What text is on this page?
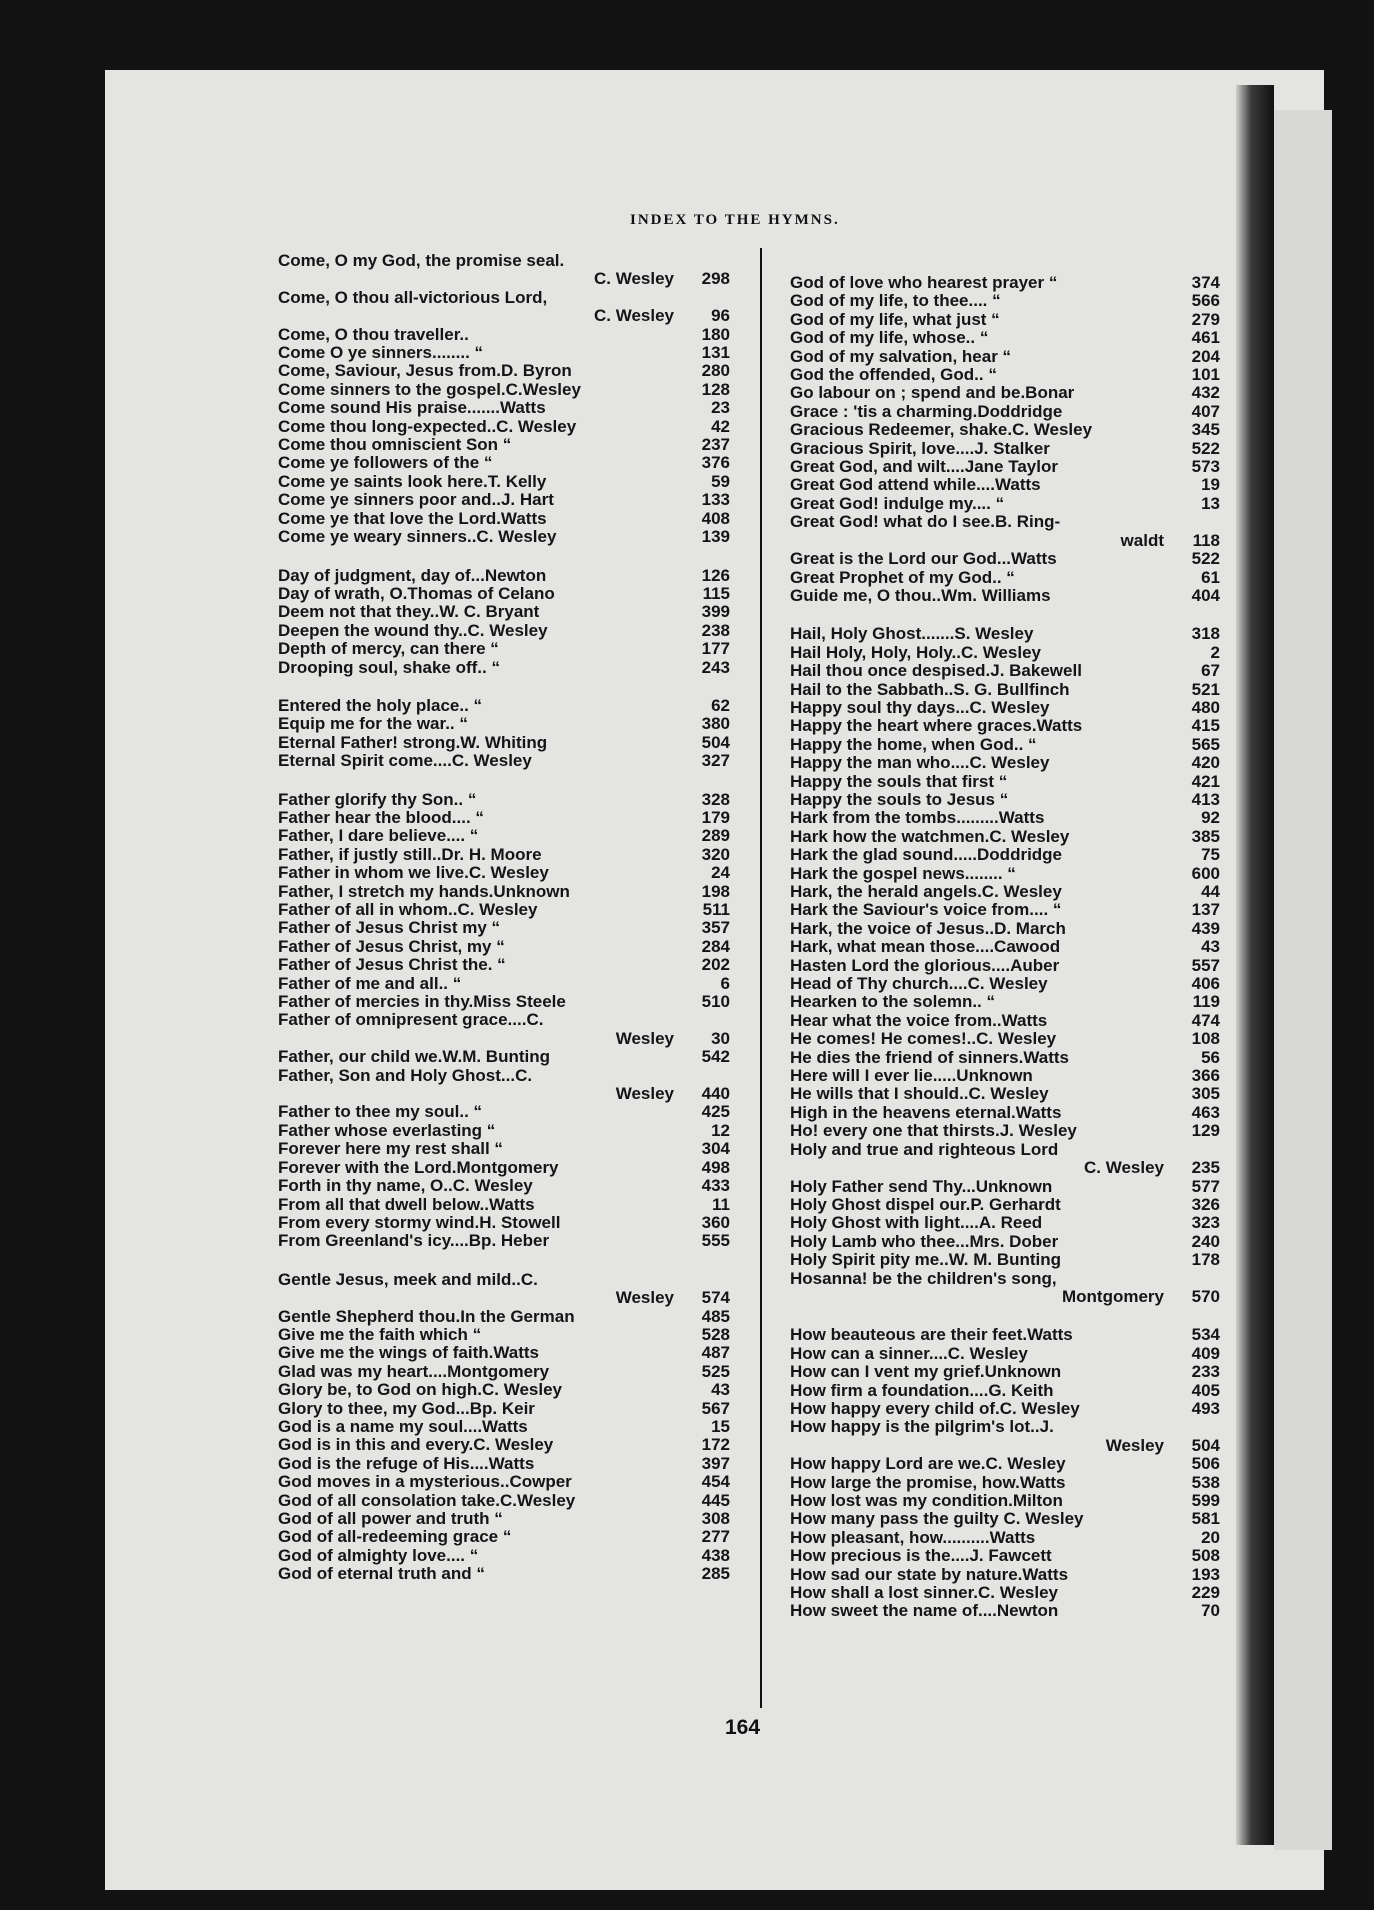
INDEX TO THE HYMNS.
Come, O my God, the promise seal.
C. Wesley	298
Come, O thou all-victorious Lord,
C. Wesley	96
Come, O thou traveller..	180
Come O ye sinners........ “	131
Come, Saviour, Jesus from.D. Byron	280
Come sinners to the gospel.C.Wesley	128
Come sound His praise.......Watts	23
Come thou long-expected..C. Wesley	42
Come thou omniscient Son “	237
Come ye followers of the “	376
Come ye saints look here.T. Kelly	59
Come ye sinners poor and..J. Hart	133
Come ye that love the Lord.Watts	408
Come ye weary sinners..C. Wesley	139
Day of judgment, day of...Newton	126
Day of wrath, O.Thomas of Celano	115
Deem not that they..W. C. Bryant	399
Deepen the wound thy..C. Wesley	238
Depth of mercy, can there “	177
Drooping soul, shake off.. “	243
Entered the holy place.. “	62
Equip me for the war.. “	380
Eternal Father! strong.W. Whiting	504
Eternal Spirit come....C. Wesley	327
Father glorify thy Son.. “	328
Father hear the blood.... “	179
Father, I dare believe.... “	289
Father, if justly still..Dr. H. Moore	320
Father in whom we live.C. Wesley	24
Father, I stretch my hands.Unknown	198
Father of all in whom..C. Wesley	511
Father of Jesus Christ my “	357
Father of Jesus Christ, my “	284
Father of Jesus Christ the. “	202
Father of me and all.. “	6
Father of mercies in thy.Miss Steele	510
Father of omnipresent grace....C.
Wesley	30
Father, our child we.W.M. Bunting	542
Father, Son and Holy Ghost...C.
Wesley	440
Father to thee my soul.. “	425
Father whose everlasting “	12
Forever here my rest shall “	304
Forever with the Lord.Montgomery	498
Forth in thy name, O..C. Wesley	433
From all that dwell below..Watts	11
From every stormy wind.H. Stowell	360
From Greenland's icy....Bp. Heber	555
Gentle Jesus, meek and mild..C.
Wesley	574
Gentle Shepherd thou.In the German	485
Give me the faith which “	528
Give me the wings of faith.Watts	487
Glad was my heart....Montgomery	525
Glory be, to God on high.C. Wesley	43
Glory to thee, my God...Bp. Keir	567
God is a name my soul....Watts	15
God is in this and every.C. Wesley	172
God is the refuge of His....Watts	397
God moves in a mysterious..Cowper	454
God of all consolation take.C.Wesley	445
God of all power and truth “	308
God of all-redeeming grace “	277
God of almighty love.... “	438
God of eternal truth and “	285
God of love who hearest prayer “	374
God of my life, to thee.... “	566
God of my life, what just “	279
God of my life, whose.. “	461
God of my salvation, hear “	204
God the offended, God.. “	101
Go labour on ; spend and be.Bonar	432
Grace : 'tis a charming.Doddridge	407
Gracious Redeemer, shake.C. Wesley	345
Gracious Spirit, love....J. Stalker	522
Great God, and wilt....Jane Taylor	573
Great God attend while....Watts	19
Great God! indulge my.... “	13
Great God! what do I see.B. Ring-
waldt	118
Great is the Lord our God...Watts	522
Great Prophet of my God.. “	61
Guide me, O thou..Wm. Williams	404
Hail, Holy Ghost.......S. Wesley	318
Hail Holy, Holy, Holy..C. Wesley	2
Hail thou once despised.J. Bakewell	67
Hail to the Sabbath..S. G. Bullfinch	521
Happy soul thy days...C. Wesley	480
Happy the heart where graces.Watts	415
Happy the home, when God.. “	565
Happy the man who....C. Wesley	420
Happy the souls that first “	421
Happy the souls to Jesus “	413
Hark from the tombs.........Watts	92
Hark how the watchmen.C. Wesley	385
Hark the glad sound.....Doddridge	75
Hark the gospel news........ “	600
Hark, the herald angels.C. Wesley	44
Hark the Saviour's voice from.... “	137
Hark, the voice of Jesus..D. March	439
Hark, what mean those....Cawood	43
Hasten Lord the glorious....Auber	557
Head of Thy church....C. Wesley	406
Hearken to the solemn.. “	119
Hear what the voice from..Watts	474
He comes! He comes!..C. Wesley	108
He dies the friend of sinners.Watts	56
Here will I ever lie.....Unknown	366
He wills that I should..C. Wesley	305
High in the heavens eternal.Watts	463
Ho! every one that thirsts.J. Wesley	129
Holy and true and righteous Lord
C. Wesley	235
Holy Father send Thy...Unknown	577
Holy Ghost dispel our.P. Gerhardt	326
Holy Ghost with light....A. Reed	323
Holy Lamb who thee...Mrs. Dober	240
Holy Spirit pity me..W. M. Bunting	178
Hosanna! be the children's song,
Montgomery	570
How beauteous are their feet.Watts	534
How can a sinner....C. Wesley	409
How can I vent my grief.Unknown	233
How firm a foundation....G. Keith	405
How happy every child of.C. Wesley	493
How happy is the pilgrim's lot..J.
Wesley	504
How happy Lord are we.C. Wesley	506
How large the promise, how.Watts	538
How lost was my condition.Milton	599
How many pass the guilty C. Wesley	581
How pleasant, how..........Watts	20
How precious is the....J. Fawcett	508
How sad our state by nature.Watts	193
How shall a lost sinner.C. Wesley	229
How sweet the name of....Newton	70
164
